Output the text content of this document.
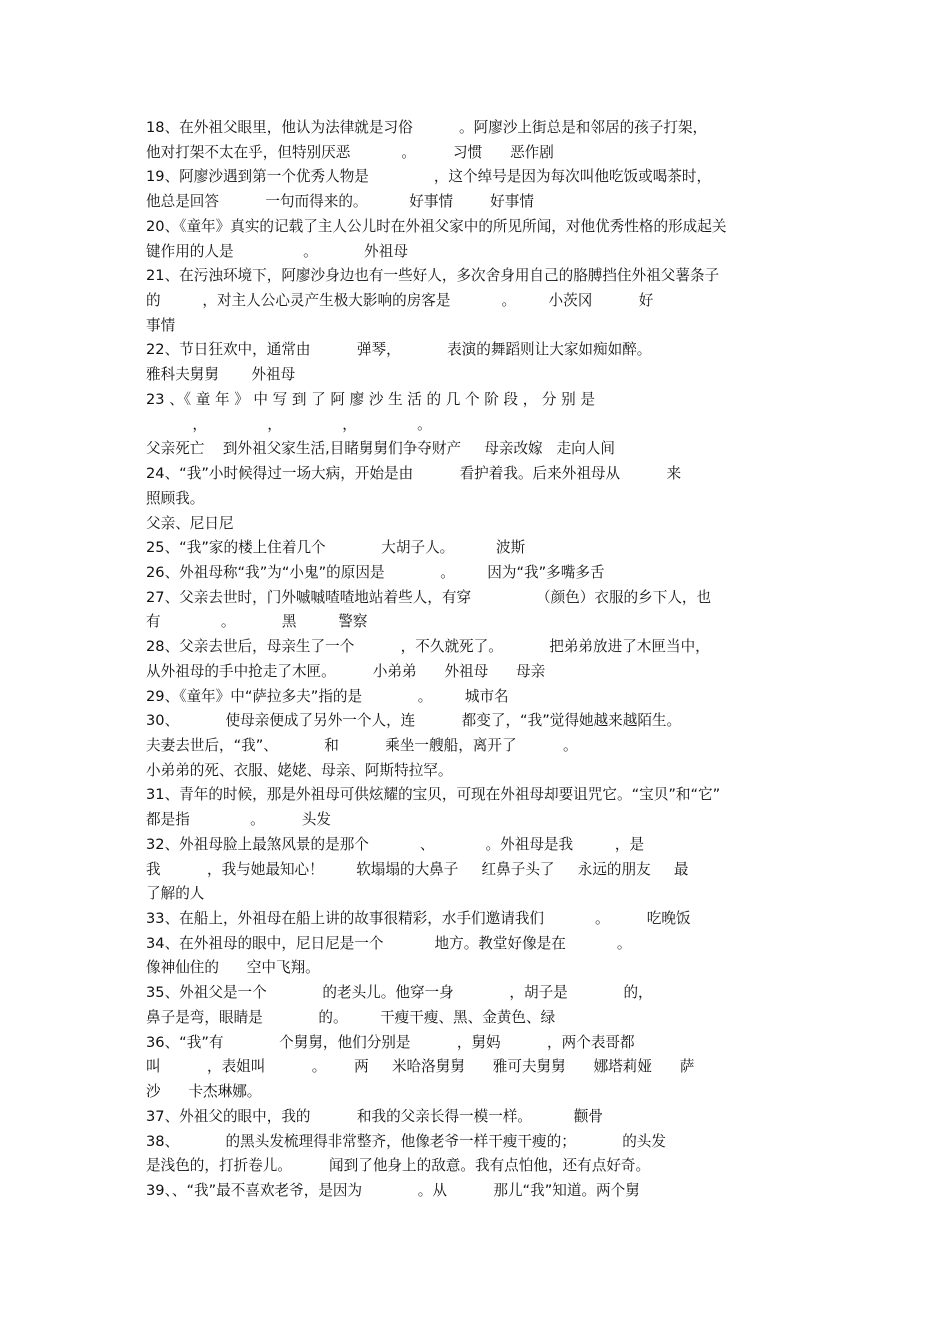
18、在外祖父眼里，他认为法律就是习俗          。阿廖沙上街总是和邻居的孩子打架，
他对打架不太在乎，但特别厌恶           。        习惯      恶作剧
19、阿廖沙遇到第一个优秀人物是              ，这个绰号是因为每次叫他吃饭或喝茶时，
他总是回答          一句而得来的。         好事情        好事情
20、《童年》真实的记载了主人公儿时在外祖父家中的所见所闻，对他优秀性格的形成起关
键作用的人是               。          外祖母
21、在污浊环境下，阿廖沙身边也有一些好人，多次舍身用自己的胳膊挡住外祖父薯条子
的         ，对主人公心灵产生极大影响的房客是           。       小茨冈          好
事情
22、节日狂欢中，通常由          弹琴，          表演的舞蹈则让大家如痴如醉。
雅科夫舅舅       外祖母
23 、《 童 年 》 中 写 到 了 阿 廖 沙 生 活 的 几 个 阶 段 ， 分 别 是
，             ，             ，             。
父亲死亡    到外祖父家生活,目睹舅舅们争夺财产     母亲改嫁   走向人间
24、“我”小时候得过一场大病，开始是由          看护着我。后来外祖母从          来
照顾我。
父亲、尼日尼
25、“我”家的楼上住着几个            大胡子人。         波斯
26、外祖母称“我”为“小鬼”的原因是            。       因为“我”多嘴多舌
27、父亲去世时，门外嘁嘁喳喳地站着些人，有穿              （颜色）衣服的乡下人，也
有             。          黑         警察
28、父亲去世后，母亲生了一个          ，不久就死了。          把弟弟放进了木匣当中，
从外祖母的手中抢走了木匣。        小弟弟      外祖母      母亲
29、《童年》中“萨拉多夫”指的是            。       城市名
30、          使母亲便成了另外一个人，连          都变了，“我”觉得她越来越陌生。
夫妻去世后，“我”、          和          乘坐一艘船，离开了          。
小弟弟的死、衣服、姥姥、母亲、阿斯特拉罕。
31、青年的时候，那是外祖母可供炫耀的宝贝，可现在外祖母却要诅咒它。“宝贝”和“它”
都是指             。        头发
32、外祖母脸上最煞风景的是那个           、           。外祖母是我         ，是
我          ，我与她最知心！       软塌塌的大鼻子     红鼻子头了     永远的朋友     最
了解的人
33、在船上，外祖母在船上讲的故事很精彩，水手们邀请我们           。        吃晚饭
34、在外祖母的眼中，尼日尼是一个           地方。教堂好像是在           。
像神仙住的      空中飞翔。
35、外祖父是一个            的老头儿。他穿一身            ，胡子是            的，
鼻子是弯，眼睛是            的。       干瘦干瘦、黑、金黄色、绿
36、“我”有            个舅舅，他们分别是          ，舅妈          ，两个表哥都
叫          ，表姐叫          。      两     米哈洛舅舅      雅可夫舅舅      娜塔莉娅      萨
沙      卡杰琳娜。
37、外祖父的眼中，我的          和我的父亲长得一模一样。         颧骨
38、          的黑头发梳理得非常整齐，他像老爷一样干瘦干瘦的；          的头发
是浅色的，打折卷儿。        闻到了他身上的敌意。我有点怕他，还有点好奇。
39、、“我”最不喜欢老爷，是因为            。从          那儿“我”知道。两个舅
